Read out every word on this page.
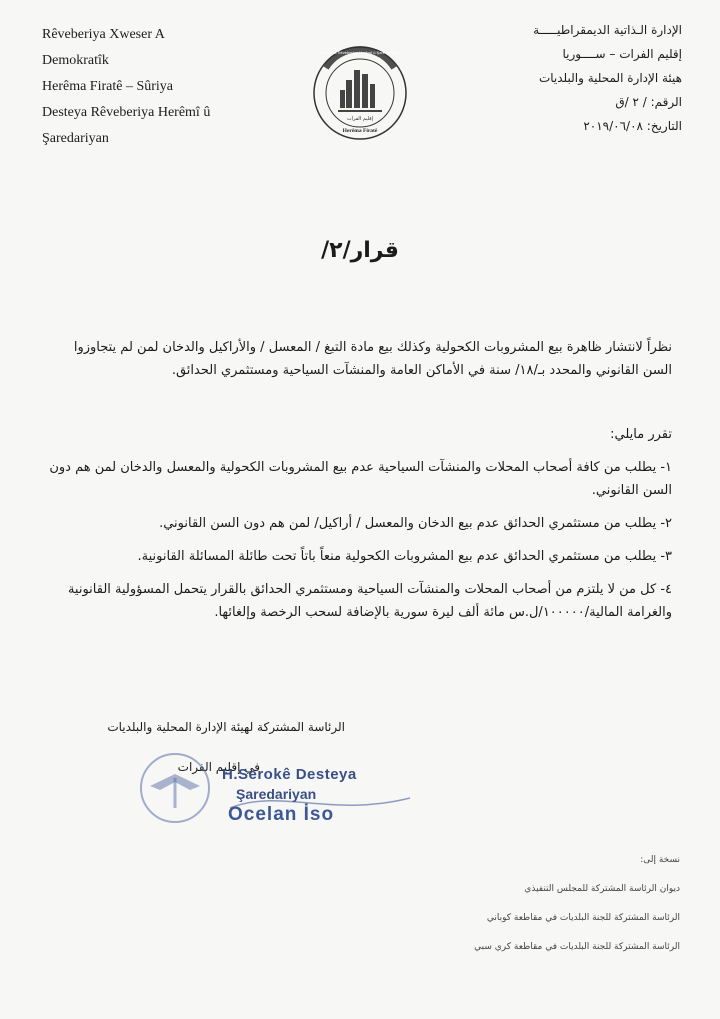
Rêveberiya Xweser A
Demokratîk
Herêma Firatê – Sûriya
Desteya Rêveberiya Herêmî û
Şaredariyan
إقليم الفرات
Herêma Firatê
Desteya Rêveberiya Herêmî û Şaredariyan
الإدارة الـذاتية الديمقراطيـــــة
إقليم الفرات – ســــوريا
هيئة الإدارة المحلية والبلديات
الرقم: / ٢ /ق
التاريخ: ٢٠١٩/٠٦/٠٨
قرار/٢/
نظراً لانتشار ظاهرة بيع المشروبات الكحولية وكذلك بيع مادة التبغ / المعسل / والأراكيل والدخان لمن لم يتجاوزوا السن القانوني والمحدد بـ/١٨/ سنة في الأماكن العامة والمنشآت السياحية ومستثمري الحدائق.
تقرر مايلي:
١- يطلب من كافة أصحاب المحلات والمنشآت السياحية عدم بيع المشروبات الكحولية والمعسل والدخان لمن هم دون السن القانوني.
٢- يطلب من مستثمري الحدائق عدم بيع الدخان والمعسل / أراكيل/ لمن هم دون السن القانوني.
٣- يطلب من مستثمري الحدائق عدم بيع المشروبات الكحولية منعاً باتاً تحت طائلة المسائلة القانونية.
٤- كل من لا يلتزم من أصحاب المحلات والمنشآت السياحية ومستثمري الحدائق بالقرار يتحمل المسؤولية القانونية والغرامة المالية/١٠٠٠٠٠/ل.س مائة ألف ليرة سورية بالإضافة لسحب الرخصة وإلغائها.
الرئاسة المشتركة لهيئة الإدارة المحلية والبلديات
في إقليم الفرات
H.Serokê Desteya
Şaredariyan
Ocelan İso
نسخة إلى:
ديوان الرئاسة المشتركة للمجلس التنفيذي
الرئاسة المشتركة للجنة البلديات في مقاطعة كوباني
الرئاسة المشتركة للجنة البلديات في مقاطعة كري سبي
